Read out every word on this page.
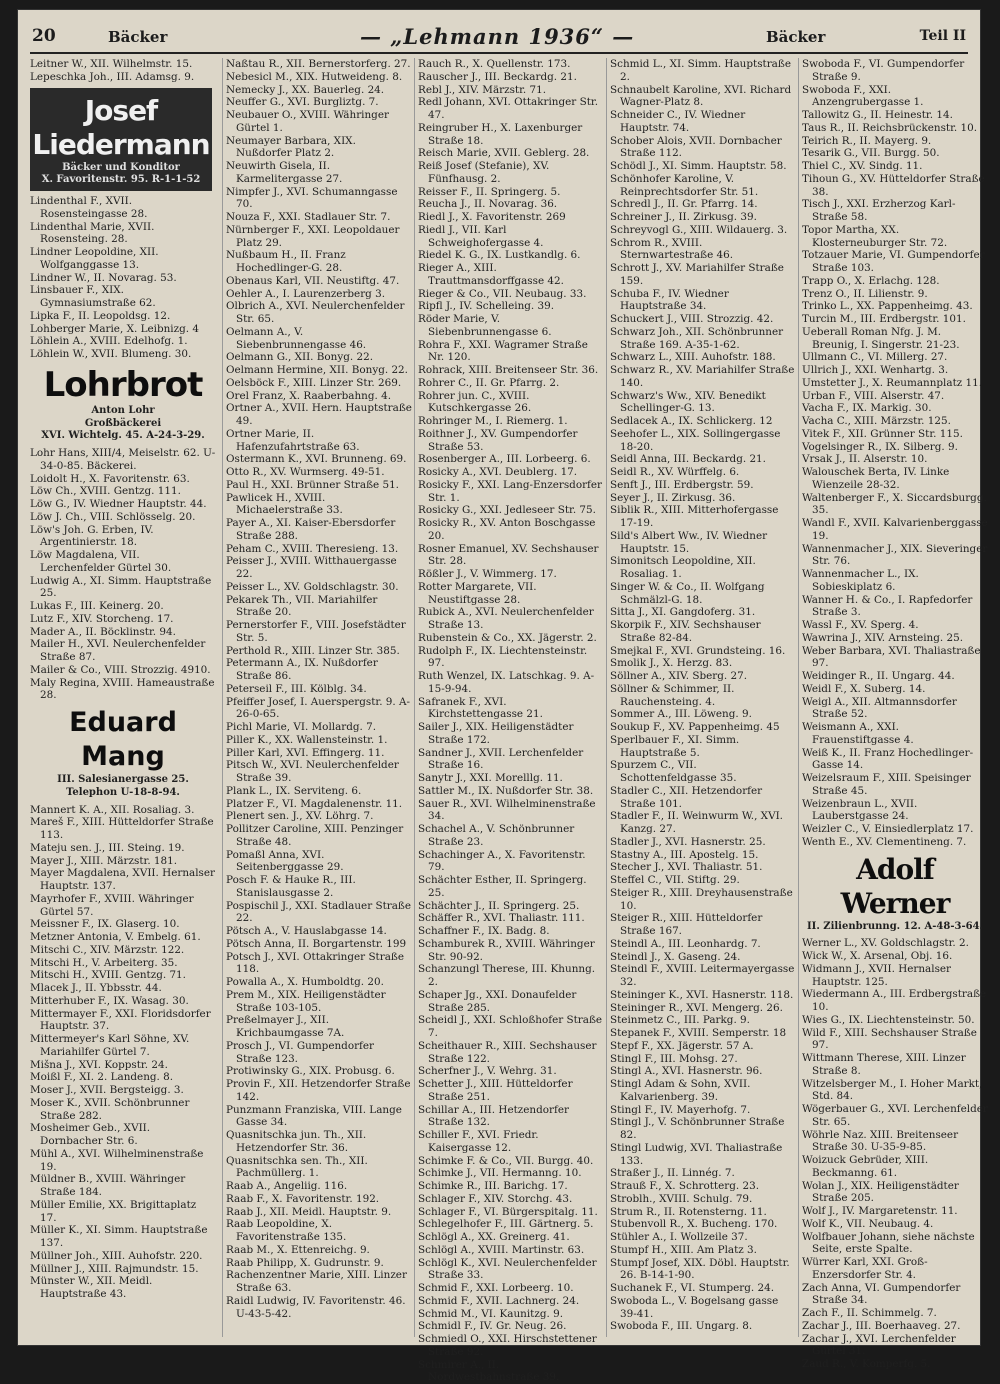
20	Bäcker	— „Lehmann 1936“ —	Bäcker	Teil II
Leitner W., XII. Wilhelmstr. 15.
Lepeschka Joh., III. Adamsg. 9.
Josef Liedermann
Bäcker und Konditor
X. Favoritenstr. 95. R-1-1-52
Lindenthal F., XVII. Rosensteingasse 28.
Lindenthal Marie, XVII. Rosensteing. 28.
Lindner Leopoldine, XII. Wolfganggasse 13.
Lindner W., II. Novarag. 53.
Linsbauer F., XIX. Gymnasiumstraße 62.
Lipka F., II. Leopoldsg. 12.
Lohberger Marie, X. Leibnizg. 4
Löhlein A., XVIII. Edelhofg. 1.
Löhlein W., XVII. Blumeng. 30.
Lohrbrot
Anton Lohr
Großbäckerei
XVI. Wichtelg. 45. A-24-3-29.
Lohr Hans, XIII/4, Meiselstr. 62. U-34-0-85. Bäckerei.
Loidolt H., X. Favoritenstr. 63.
Löw Ch., XVIII. Gentzg. 111.
Löw G., IV. Wiedner Hauptstr. 44.
Löw J. Ch., VIII. Schlösselg. 20.
Löw's Joh. G. Erben, IV. Argentinierstr. 18.
Löw Magdalena, VII. Lerchenfelder Gürtel 30.
Ludwig A., XI. Simm. Hauptstraße 25.
Lukas F., III. Keinerg. 20.
Lutz F., XIV. Storcheng. 17.
Mader A., II. Böcklinstr. 94.
Mailer H., XVI. Neulerchenfelder Straße 87.
Mailer & Co., VIII. Strozzig. 4910.
Maly Regina, XVIII. Hameaustraße 28.
Eduard Mang
III. Salesianergasse 25.
Telephon U-18-8-94.
Mannert K. A., XII. Rosaliag. 3.
Mareš F., XIII. Hütteldorfer Straße 113.
Mateju sen. J., III. Steing. 19.
Mayer J., XIII. Märzstr. 181.
Mayer Magdalena, XVII. Hernalser Hauptstr. 137.
Mayrhofer F., XVIII. Währinger Gürtel 57.
Meissner F., IX. Glaserg. 10.
Metzner Antonia, V. Embelg. 61.
Mitschi C., XIV. Märzstr. 122.
Mitschi H., V. Arbeiterg. 35.
Mitschi H., XVIII. Gentzg. 71.
Mlacek J., II. Ybbsstr. 44.
Mitterhuber F., IX. Wasag. 30.
Mittermayer F., XXI. Floridsdorfer Hauptstr. 37.
Mittermeyer's Karl Söhne, XV. Mariahilfer Gürtel 7.
Mišna J., XVI. Koppstr. 24.
Moißl F., XI. 2. Landeng. 8.
Moser J., XVII. Bergsteigg. 3.
Moser K., XVII. Schönbrunner Straße 282.
Mosheimer Geb., XVII. Dornbacher Str. 6.
Mühl A., XVI. Wilhelminenstraße 19.
Müldner B., XVIII. Währinger Straße 184.
Müller Emilie, XX. Brigittaplatz 17.
Müller K., XI. Simm. Hauptstraße 137.
Müllner Joh., XIII. Auhofstr. 220.
Müllner J., XIII. Rajmundstr. 15.
Münster W., XII. Meidl. Hauptstraße 43.
Naßtau R., XII. Bernerstorferg. 27.
Nebesicl M., XIX. Hutweideng. 8.
Nemecky J., XX. Bauerleg. 24.
Neuffer G., XVI. Burgliztg. 7.
Neubauer O., XVIII. Währinger Gürtel 1.
Neumayer Barbara, XIX. Nußdorfer Platz 2.
Neuwirth Gisela, II. Karmelitergasse 27.
Nimpfer J., XVI. Schumanngasse 70.
Nouza F., XXI. Stadlauer Str. 7.
Nürnberger F., XXI. Leopoldauer Platz 29.
Nußbaum H., II. Franz Hochedlinger-G. 28.
Obenaus Karl, VII. Neustiftg. 47.
Oehler A., I. Laurenzerberg 3.
Olbrich A., XVI. Neulerchenfelder Str. 65.
Oelmann A., V. Siebenbrunnengasse 46.
Oelmann G., XII. Bonyg. 22.
Oelmann Hermine, XII. Bonyg. 22.
Oelsböck F., XIII. Linzer Str. 269.
Orel Franz, X. Raaberbahng. 4.
Ortner A., XVII. Hern. Hauptstraße 49.
Ortner Marie, II. Hafenzufahrtstraße 63.
Ostermann K., XVI. Brunneng. 69.
Otto R., XV. Wurmserg. 49-51.
Paul H., XXI. Brünner Straße 51.
Pawlicek H., XVIII. Michaelerstraße 33.
Payer A., XI. Kaiser-Ebersdorfer Straße 288.
Peham C., XVIII. Theresieng. 13.
Peisser J., XVIII. Witthauergasse 22.
Peisser L., XV. Goldschlagstr. 30.
Pekarek Th., VII. Mariahilfer Straße 20.
Pernerstorfer F., VIII. Josefstädter Str. 5.
Perthold R., XIII. Linzer Str. 385.
Petermann A., IX. Nußdorfer Straße 86.
Peterseil F., III. Kölblg. 34.
Pfeiffer Josef, I. Auerspergstr. 9. A-26-0-65.
Pichl Marie, VI. Mollardg. 7.
Piller K., XX. Wallensteinstr. 1.
Piller Karl, XVI. Effingerg. 11.
Pitsch W., XVI. Neulerchenfelder Straße 39.
Plank L., IX. Serviteng. 6.
Platzer F., VI. Magdalenenstr. 11.
Plenert sen. J., XV. Löhrg. 7.
Pollitzer Caroline, XIII. Penzinger Straße 48.
Pomaßl Anna, XVI. Seitenberggasse 29.
Posch F. & Hauke R., III. Stanislausgasse 2.
Pospischil J., XXI. Stadlauer Straße 22.
Pötsch A., V. Hauslabgasse 14.
Pötsch Anna, II. Borgartenstr. 199
Potsch J., XVI. Ottakringer Straße 118.
Powalla A., X. Humboldtg. 20.
Prem M., XIX. Heiligenstädter Straße 103-105.
Preßelmayer J., XII. Krichbaumgasse 7A.
Prosch J., VI. Gumpendorfer Straße 123.
Protiwinsky G., XIX. Probusg. 6.
Provin F., XII. Hetzendorfer Straße 142.
Punzmann Franziska, VIII. Lange Gasse 34.
Quasnitschka jun. Th., XII. Hetzendorfer Str. 36.
Quasnitschka sen. Th., XII. Pachmüllerg. 1.
Raab A., Angeliig. 116.
Raab F., X. Favoritenstr. 192.
Raab J., XII. Meidl. Hauptstr. 9.
Raab Leopoldine, X. Favoritenstraße 135.
Raab M., X. Ettenreichg. 9.
Raab Philipp, X. Gudrunstr. 9.
Rachenzentner Marie, XIII. Linzer Straße 63.
Raidl Ludwig, IV. Favoritenstr. 46. U-43-5-42.
Rauch R., X. Quellenstr. 173.
Rauscher J., III. Beckardg. 21.
Rebl J., XIV. Märzstr. 71.
Redl Johann, XVI. Ottakringer Str. 47.
Reingruber H., X. Laxenburger Straße 18.
Reisch Marie, XVII. Geblerg. 28.
Reiß Josef (Stefanie), XV. Fünfhausg. 2.
Reisser F., II. Springerg. 5.
Reucha J., II. Novarag. 36.
Riedl J., X. Favoritenstr. 269
Riedl J., VII. Karl Schweighofergasse 4.
Riedel K. G., IX. Lustkandlg. 6.
Rieger A., XIII. Trauttmansdorffgasse 42.
Rieger & Co., VII. Neubaug. 33.
Ripfl J., IV. Schelleing. 39.
Röder Marie, V. Siebenbrunnengasse 6.
Rohra F., XXI. Wagramer Straße Nr. 120.
Rohrack, XIII. Breitenseer Str. 36.
Rohrer C., II. Gr. Pfarrg. 2.
Rohrer jun. C., XVIII. Kutschkergasse 26.
Rohringer M., I. Riemerg. 1.
Roithner J., XV. Gumpendorfer Straße 53.
Rosenberger A., III. Lorbeerg. 6.
Rosicky A., XVI. Deublerg. 17.
Rosicky F., XXI. Lang-Enzersdorfer Str. 1.
Rosicky G., XXI. Jedleseer Str. 75.
Rosicky R., XV. Anton Boschgasse 20.
Rosner Emanuel, XV. Sechshauser Str. 28.
Rößler J., V. Wimmerg. 17.
Rotter Margarete, VII. Neustiftgasse 28.
Rubick A., XVI. Neulerchenfelder Straße 13.
Rubenstein & Co., XX. Jägerstr. 2.
Rudolph F., IX. Liechtensteinstr. 97.
Ruth Wenzel, IX. Latschkag. 9. A-15-9-94.
Safranek F., XVI. Kirchstettengasse 21.
Sailer J., XIX. Heiligenstädter Straße 172.
Sandner J., XVII. Lerchenfelder Straße 16.
Sanytr J., XXI. Morelllg. 11.
Sattler M., IX. Nußdorfer Str. 38.
Sauer R., XVI. Wilhelminenstraße 34.
Schachel A., V. Schönbrunner Straße 23.
Schachinger A., X. Favoritenstr. 79.
Schächter Esther, II. Springerg. 25.
Schächter J., II. Springerg. 25.
Schäffer R., XVI. Thaliastr. 111.
Schaffner F., IX. Badg. 8.
Schamburek R., XVIII. Währinger Str. 90-92.
Schanzungl Therese, III. Khunng. 2.
Schaper Jg., XXI. Donaufelder Straße 285.
Scheidl J., XXI. Schloßhofer Straße 7.
Scheithauer R., XIII. Sechshauser Straße 122.
Scherfner J., V. Wehrg. 31.
Schetter J., XIII. Hütteldorfer Straße 251.
Schillar A., III. Hetzendorfer Straße 132.
Schiller F., XVI. Friedr. Kaisergasse 12.
Schimke F. & Co., VII. Burgg. 40.
Schimke J., VII. Hermanng. 10.
Schimke R., III. Barichg. 17.
Schlager F., XIV. Storchg. 43.
Schlager F., VI. Bürgerspitalg. 11.
Schlegelhofer F., III. Gärtnerg. 5.
Schlögl A., XX. Greinerg. 41.
Schlögl A., XVIII. Martinstr. 63.
Schlögl K., XVI. Neulerchenfelder Straße 33.
Schmid F., XXI. Lorbeerg. 10.
Schmid F., XVII. Lachnerg. 24.
Schmid M., VI. Kaunitzg. 9.
Schmidl F., IV. Gr. Neug. 26.
Schmiedl O., XXI. Hirschstettener Straße 92.
Schmirer A., II. Nordwestbahnstraße 39.
Schmid L., XI. Simm. Hauptstraße 2.
Schnaubelt Karoline, XVI. Richard Wagner-Platz 8.
Schneider C., IV. Wiedner Hauptstr. 74.
Schober Alois, XVII. Dornbacher Straße 112.
Schödl J., XI. Simm. Hauptstr. 58.
Schönhofer Karoline, V. Reinprechtsdorfer Str. 51.
Schredl J., II. Gr. Pfarrg. 14.
Schreiner J., II. Zirkusg. 39.
Schreyvogl G., XIII. Wildauerg. 3.
Schrom R., XVIII. Sternwartestraße 46.
Schrott J., XV. Mariahilfer Straße 159.
Schuba F., IV. Wiedner Hauptstraße 34.
Schuckert J., VIII. Strozzig. 42.
Schwarz Joh., XII. Schönbrunner Straße 169. A-35-1-62.
Schwarz L., XIII. Auhofstr. 188.
Schwarz R., XV. Mariahilfer Straße 140.
Schwarz's Ww., XIV. Benedikt Schellinger-G. 13.
Sedlacek A., IX. Schlickerg. 12
Seehofer L., XIX. Sollingergasse 18-20.
Seidl Anna, III. Beckardg. 21.
Seidl R., XV. Würffelg. 6.
Senft J., III. Erdbergstr. 59.
Seyer J., II. Zirkusg. 36.
Siblik R., XIII. Mitterhofergasse 17-19.
Sild's Albert Ww., IV. Wiedner Hauptstr. 15.
Simonitsch Leopoldine, XII. Rosaliag. 1.
Singer W. & Co., II. Wolfgang Schmälzl-G. 18.
Sitta J., XI. Gangdoferg. 31.
Skorpik F., XIV. Sechshauser Straße 82-84.
Smejkal F., XVI. Grundsteing. 16.
Smolik J., X. Herzg. 83.
Söllner A., XIV. Sberg. 27.
Söllner & Schimmer, II. Rauchensteing. 4.
Sommer A., III. Löweng. 9.
Soukup F., XV. Pappenheimg. 45
Sperlbauer F., XI. Simm. Hauptstraße 5.
Spurzem C., VII. Schottenfeldgasse 35.
Stadler C., XII. Hetzendorfer Straße 101.
Stadler F., II. Weinwurm W., XVI. Kanzg. 27.
Stadler J., XVI. Hasnerstr. 25.
Stastny A., III. Apostelg. 15.
Stecher J., XVI. Thaliastr. 51.
Steffel C., VII. Stiftg. 29.
Steiger R., XIII. Dreyhausenstraße 10.
Steiger R., XIII. Hütteldorfer Straße 167.
Steindl A., III. Leonhardg. 7.
Steindl J., X. Gaseng. 24.
Steindl F., XVIII. Leitermayergasse 32.
Steininger K., XVI. Hasnerstr. 118.
Steininger R., XVI. Mengerg. 26.
Steinmetz C., III. Parkg. 9.
Stepanek F., XVIII. Semperstr. 18
Stepf F., XX. Jägerstr. 57 A.
Stingl F., III. Mohsg. 27.
Stingl A., XVI. Hasnerstr. 96.
Stingl Adam & Sohn, XVII. Kalvarienberg. 39.
Stingl F., IV. Mayerhofg. 7.
Stingl J., V. Schönbrunner Straße 82.
Stingl Ludwig, XVI. Thaliastraße 133.
Straßer J., II. Linnég. 7.
Strauß F., X. Schrotterg. 23.
Stroblh., XVIII. Schulg. 79.
Strum R., II. Rotensterng. 11.
Stubenvoll R., X. Bucheng. 170.
Stühler A., I. Wollzeile 37.
Stumpf H., XIII. Am Platz 3.
Stumpf Josef, XIX. Döbl. Hauptstr. 26. B-14-1-90.
Suchanek F., VI. Stumperg. 24.
Swoboda L., V. Bogelsang gasse 39-41.
Swoboda F., III. Ungarg. 8.
Swoboda F., VI. Gumpendorfer Straße 9.
Swoboda F., XXI. Anzengrubergasse 1.
Tallowitz G., II. Heinestr. 14.
Taus R., II. Reichsbrückenstr. 10.
Teirich R., II. Mayerg. 9.
Tesarik G., VII. Burgg. 50.
Thiel C., XV. Sindg. 11.
Tihoun G., XV. Hütteldorfer Straße 38.
Tisch J., XXI. Erzherzog Karl-Straße 58.
Topor Martha, XX. Klosterneuburger Str. 72.
Totzauer Marie, VI. Gumpendorfer Straße 103.
Trapp O., X. Erlachg. 128.
Trenz O., II. Lilienstr. 9.
Trinko L., XX. Pappenheimg. 43.
Turcin M., III. Erdbergstr. 101.
Ueberall Roman Nfg. J. M. Breunig, I. Singerstr. 21-23.
Ullmann C., VI. Millerg. 27.
Ullrich J., XXI. Wenhartg. 3.
Umstetter J., X. Reumannplatz 11.
Urban F., VIII. Alserstr. 47.
Vacha F., IX. Markig. 30.
Vacha C., XIII. Märzstr. 125.
Vitek F., XII. Grünner Str. 115.
Vogelsinger R., IX. Silberg. 9.
Vrsak J., II. Alserstr. 10.
Walouschek Berta, IV. Linke Wienzeile 28-32.
Waltenberger F., X. Siccardsburgg. 35.
Wandl F., XVII. Kalvarienberggasse 19.
Wannenmacher J., XIX. Sieveringer Str. 76.
Wannenmacher L., IX. Sobieskiplatz 6.
Wanner H. & Co., I. Rapfedorfer Straße 3.
Wassl F., XV. Sperg. 4.
Wawrina J., XIV. Arnsteing. 25.
Weber Barbara, XVI. Thaliastraße 97.
Weidinger R., II. Ungarg. 44.
Weidl F., X. Suberg. 14.
Weigl A., XII. Altmannsdorfer Straße 52.
Weismann A., XXI. Frauenstiftgasse 4.
Weiß K., II. Franz Hochedlinger-Gasse 14.
Weizelsraum F., XIII. Speisinger Straße 45.
Weizenbraun L., XVII. Lauberstgasse 24.
Weizler C., V. Einsiedlerplatz 17.
Wenth E., XV. Clementineng. 7.
Adolf Werner
II. Zilienbrunng. 12. A-48-3-64.
Werner L., XV. Goldschlagstr. 2.
Wick W., X. Arsenal, Obj. 16.
Widmann J., XVII. Hernalser Hauptstr. 125.
Wiedermann A., III. Erdbergstraße 10.
Wies G., IX. Liechtensteinstr. 50.
Wild F., XIII. Sechshauser Straße 97.
Wittmann Therese, XIII. Linzer Straße 8.
Witzelsberger M., I. Hoher Markt, Std. 84.
Wögerbauer G., XVI. Lerchenfelder Str. 65.
Wöhrle Naz. XIII. Breitenseer Straße 30. U-35-9-85.
Woizuck Gebrüder, XIII. Beckmanng. 61.
Wolan J., XIX. Heiligenstädter Straße 205.
Wolf J., IV. Margaretenstr. 11.
Wolf K., VII. Neubaug. 4.
Wolfbauer Johann, siehe nächste Seite, erste Spalte.
Würrer Karl, XXI. Groß-Enzersdorfer Str. 4.
Zach Anna, VI. Gumpendorfer Straße 34.
Zach F., II. Schimmelg. 7.
Zachar J., III. Boerhaaveg. 27.
Zachar J., XVI. Lerchenfelder Gürtel 31.
Zaud R., V. Komperfg. 5.
